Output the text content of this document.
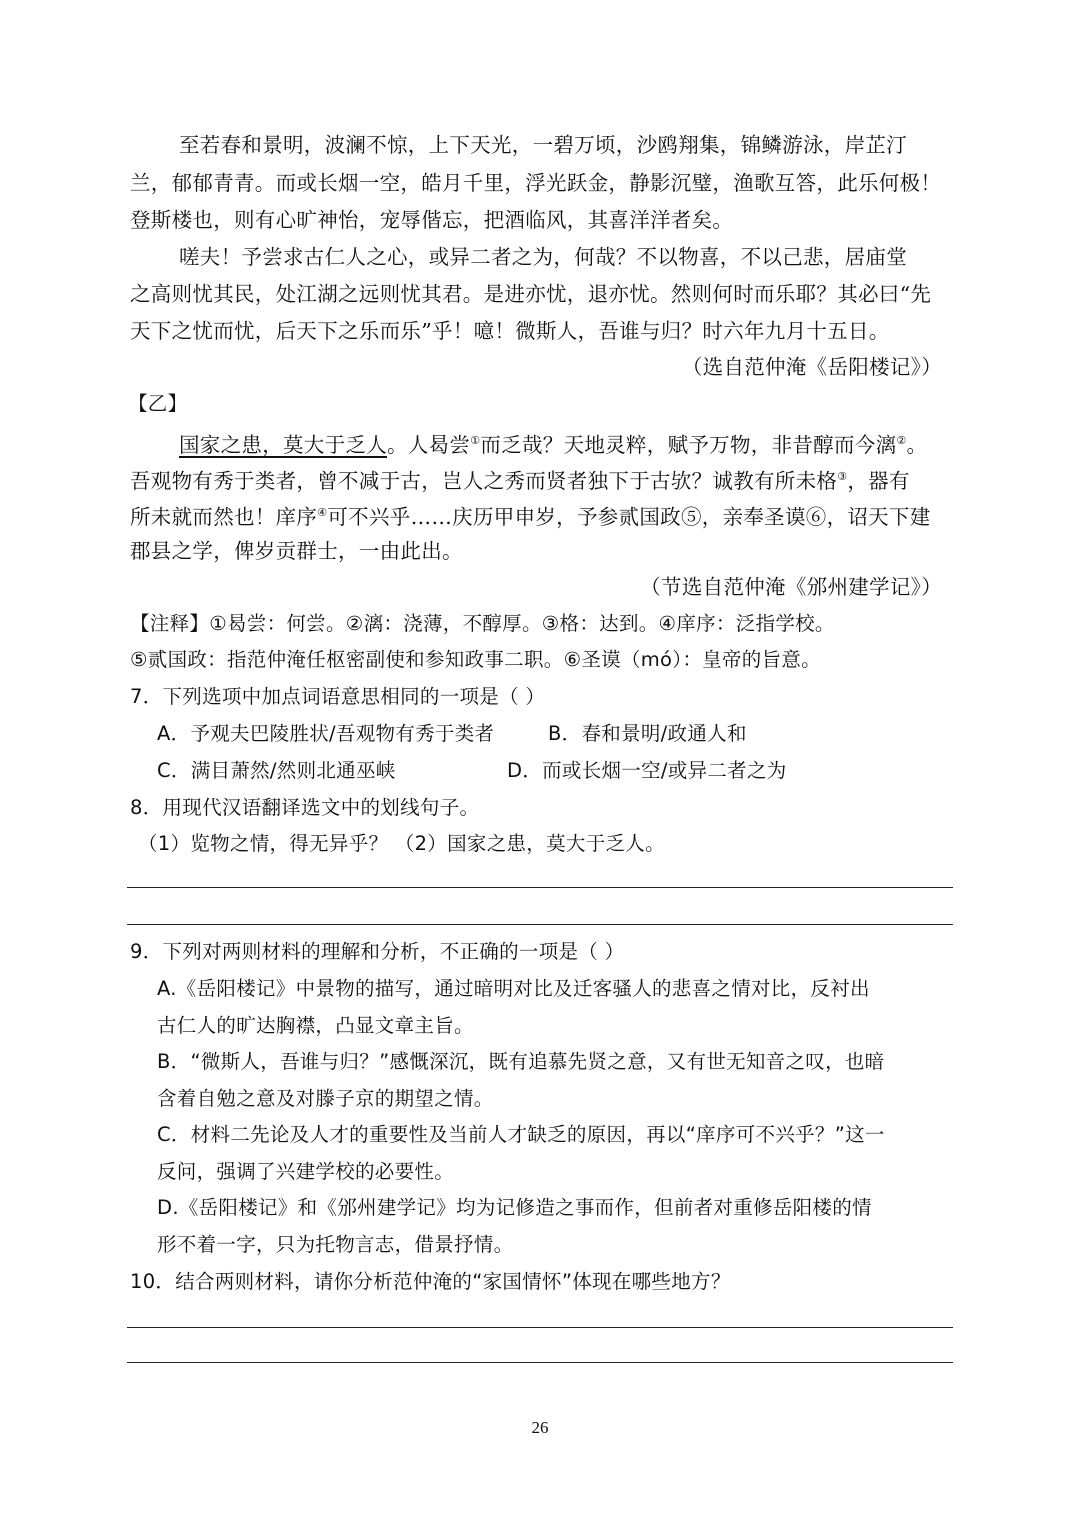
至若春和景明，波澜不惊，上下天光，一碧万顷，沙鸥翔集，锦鳞游泳，岸芷汀
兰，郁郁青青。而或长烟一空，皓月千里，浮光跃金，静影沉璧，渔歌互答，此乐何极！
登斯楼也，则有心旷神怡，宠辱偕忘，把酒临风，其喜洋洋者矣。
嗟夫！予尝求古仁人之心，或异二者之为，何哉？不以物喜，不以己悲，居庙堂
之高则忧其民，处江湖之远则忧其君。是进亦忧，退亦忧。然则何时而乐耶？其必曰“先
天下之忧而忧，后天下之乐而乐”乎！噫！微斯人，吾谁与归？时六年九月十五日。
（选自范仲淹《岳阳楼记》）
【乙】
国家之患，莫大于乏人。人曷尝①而乏哉？天地灵粹，赋予万物，非昔醇而今漓②。
吾观物有秀于类者，曾不减于古，岂人之秀而贤者独下于古欤？诚教有所未格③，器有
所未就而然也！庠序④可不兴乎……庆历甲申岁，予参贰国政⑤，亲奉圣谟⑥，诏天下建
郡县之学，俾岁贡群士，一由此出。
（节选自范仲淹《邠州建学记》）
【注释】①曷尝：何尝。②漓：浇薄，不醇厚。③格：达到。④庠序：泛指学校。
⑤贰国政：指范仲淹任枢密副使和参知政事二职。⑥圣谟（mó）：皇帝的旨意。
7．下列选项中加点词语意思相同的一项是（ ）
A．予观夫巴陵胜状/吾观物有秀于类者	B．春和景明/政通人和
C．满目萧然/然则北通巫峡	D．而或长烟一空/或异二者之为
8．用现代汉语翻译选文中的划线句子。
（1）览物之情，得无异乎？ （2）国家之患，莫大于乏人。
9．下列对两则材料的理解和分析，不正确的一项是（ ）
A.《岳阳楼记》中景物的描写，通过暗明对比及迁客骚人的悲喜之情对比，反衬出
古仁人的旷达胸襟，凸显文章主旨。
B．“微斯人，吾谁与归？”感慨深沉，既有追慕先贤之意，又有世无知音之叹，也暗
含着自勉之意及对滕子京的期望之情。
C．材料二先论及人才的重要性及当前人才缺乏的原因，再以“庠序可不兴乎？”这一
反问，强调了兴建学校的必要性。
D.《岳阳楼记》和《邠州建学记》均为记修造之事而作，但前者对重修岳阳楼的情
形不着一字，只为托物言志，借景抒情。
10．结合两则材料，请你分析范仲淹的“家国情怀”体现在哪些地方？
26
